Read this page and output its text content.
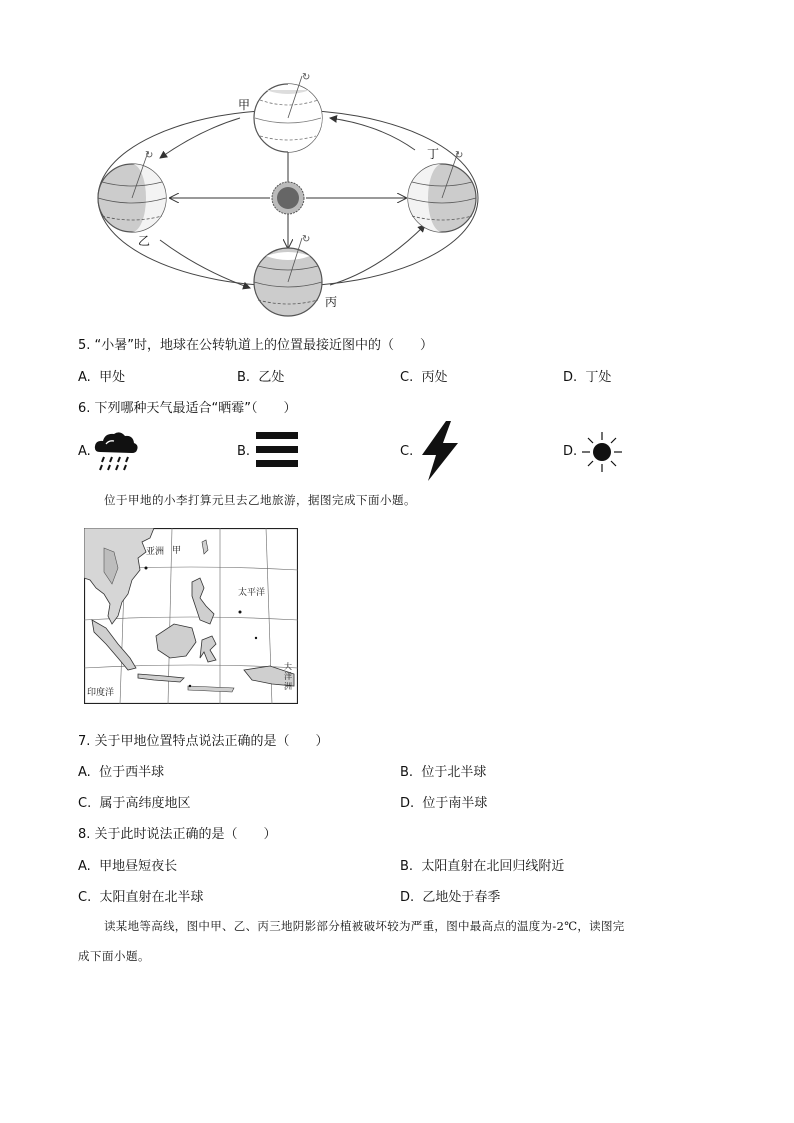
↻
↻
↻
↻
甲
乙
丙
丁
5. “小暑”时，地球在公转轨道上的位置最接近图中的（　　）
A. 甲处	B. 乙处	C. 丙处	D. 丁处
6. 下列哪种天气最适合“晒霉”（　　）
A.	B.	C.	D.
位于甲地的小李打算元旦去乙地旅游，据图完成下面小题。
亚洲 甲
太平洋
印度洋
大洋洲
7. 关于甲地位置特点说法正确的是（　　）
A. 位于西半球	B. 位于北半球
C. 属于高纬度地区	D. 位于南半球
8. 关于此时说法正确的是（　　）
A. 甲地昼短夜长	B. 太阳直射在北回归线附近
C. 太阳直射在北半球	D. 乙地处于春季
读某地等高线，图中甲、乙、丙三地阴影部分植被破坏较为严重，图中最高点的温度为-2℃，读图完
成下面小题。
